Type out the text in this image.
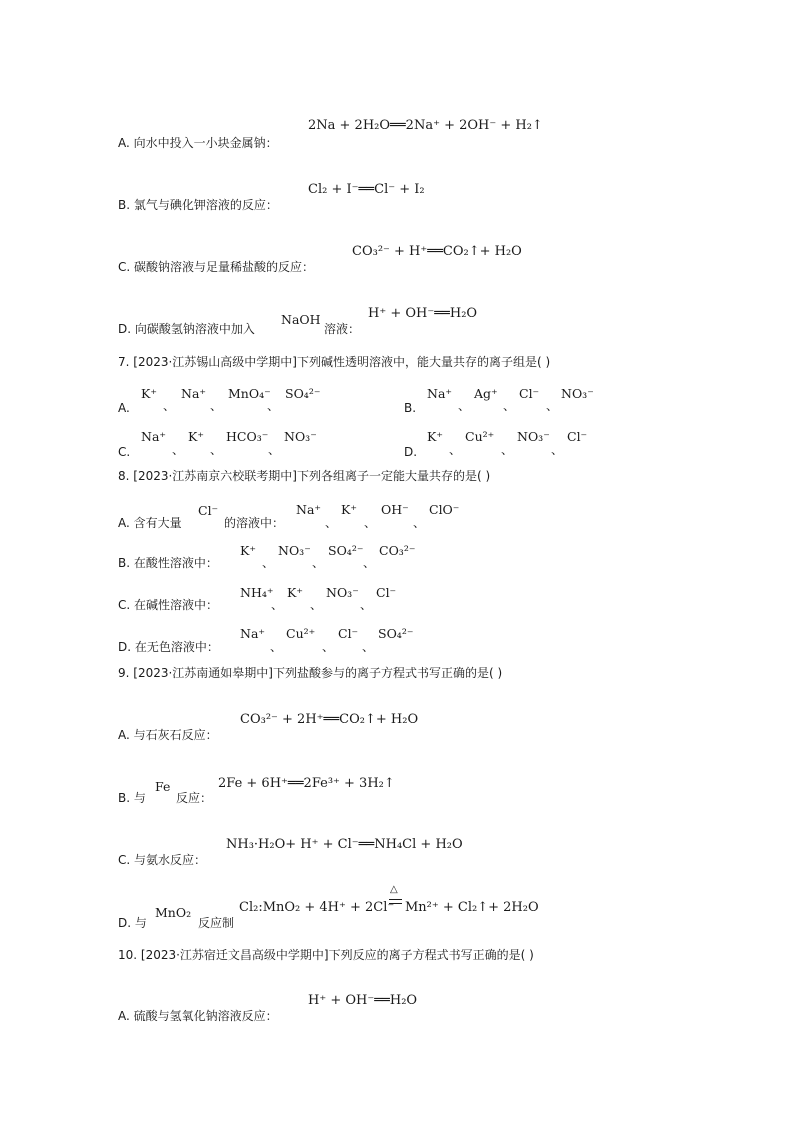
2Na + 2H₂O══2Na⁺ + 2OH⁻ + H₂↑
A. 向水中投入一小块金属钠：
Cl₂ + I⁻══Cl⁻ + I₂
B. 氯气与碘化钾溶液的反应：
CO₃²⁻ + H⁺══CO₂↑+ H₂O
C. 碳酸钠溶液与足量稀盐酸的反应：
H⁺ + OH⁻══H₂O
D. 向碳酸氢钠溶液中加入
NaOH
溶液：
7. [2023·江苏锡山高级中学期中]下列碱性透明溶液中，能大量共存的离子组是( )
A.
K⁺
、
Na⁺
、
MnO₄⁻
、
SO₄²⁻
B.
Na⁺
、
Ag⁺
、
Cl⁻
、
NO₃⁻
C.
Na⁺
、
K⁺
、
HCO₃⁻
、
NO₃⁻
D.
K⁺
、
Cu²⁺
、
NO₃⁻
、
Cl⁻
8. [2023·江苏南京六校联考期中]下列各组离子一定能大量共存的是( )
A. 含有大量
Cl⁻
的溶液中：
Na⁺
、
K⁺
、
OH⁻
、
ClO⁻
B. 在酸性溶液中：
K⁺
、
NO₃⁻
、
SO₄²⁻
、
CO₃²⁻
C. 在碱性溶液中：
NH₄⁺
、
K⁺
、
NO₃⁻
、
Cl⁻
D. 在无色溶液中：
Na⁺
、
Cu²⁺
、
Cl⁻
、
SO₄²⁻
9. [2023·江苏南通如皋期中]下列盐酸参与的离子方程式书写正确的是( )
CO₃²⁻ + 2H⁺══CO₂↑+ H₂O
A. 与石灰石反应：
2Fe + 6H⁺══2Fe³⁺ + 3H₂↑
B. 与
Fe
反应：
NH₃·H₂O+ H⁺ + Cl⁻══NH₄Cl + H₂O
C. 与氨水反应：
D. 与
MnO₂
反应制
Cl₂:MnO₂ + 4H⁺ + 2Cl⁻
△
Mn²⁺ + Cl₂↑+ 2H₂O
10. [2023·江苏宿迁文昌高级中学期中]下列反应的离子方程式书写正确的是( )
H⁺ + OH⁻══H₂O
A. 硫酸与氢氧化钠溶液反应：
